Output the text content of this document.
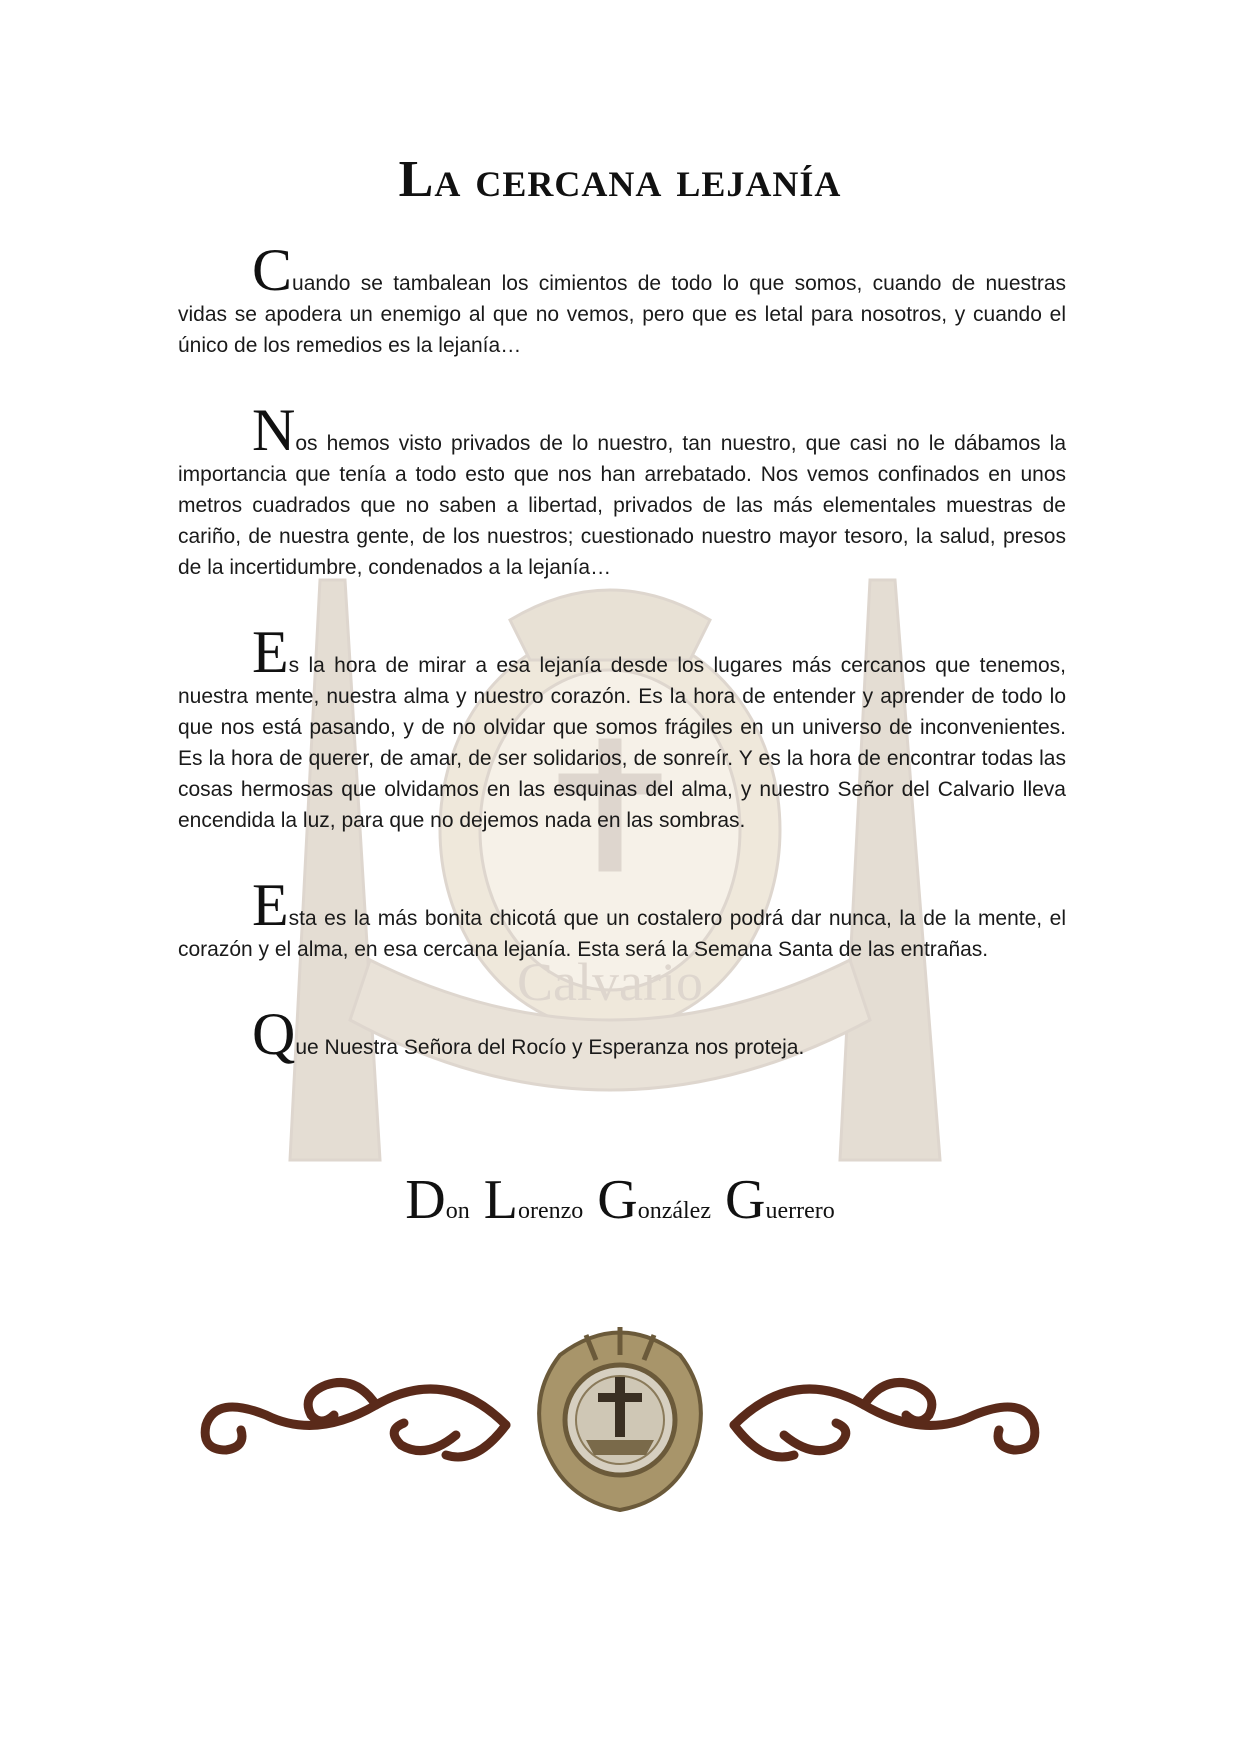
Calvario
La cercana lejanía

Cuando se tambalean los cimientos de todo lo que somos, cuando de nuestras vidas se apodera un enemigo al que no vemos, pero que es letal para nosotros, y cuando el único de los remedios es la lejanía…

Nos hemos visto privados de lo nuestro, tan nuestro, que casi no le dábamos la importancia que tenía a todo esto que nos han arrebatado. Nos vemos confinados en unos metros cuadrados que no saben a libertad, privados de las más elementales muestras de cariño, de nuestra gente, de los nuestros; cuestionado nuestro mayor tesoro, la salud, presos de la incertidumbre, condenados a la lejanía…

Es la hora de mirar a esa lejanía desde los lugares más cercanos que tenemos, nuestra mente, nuestra alma y nuestro corazón. Es la hora de entender y aprender de todo lo que nos está pasando, y de no olvidar que somos frágiles en un universo de inconvenientes. Es la hora de querer, de amar, de ser solidarios, de sonreír. Y es la hora de encontrar todas las cosas hermosas que olvidamos en las esquinas del alma, y nuestro Señor del Calvario lleva encendida la luz, para que no dejemos nada en las sombras.

Esta es la más bonita chicotá que un costalero podrá dar nunca, la de la mente, el corazón y el alma, en esa cercana lejanía. Esta será la Semana Santa de las entrañas.

Que Nuestra Señora del Rocío y Esperanza nos proteja.

Don Lorenzo González Guerrero
